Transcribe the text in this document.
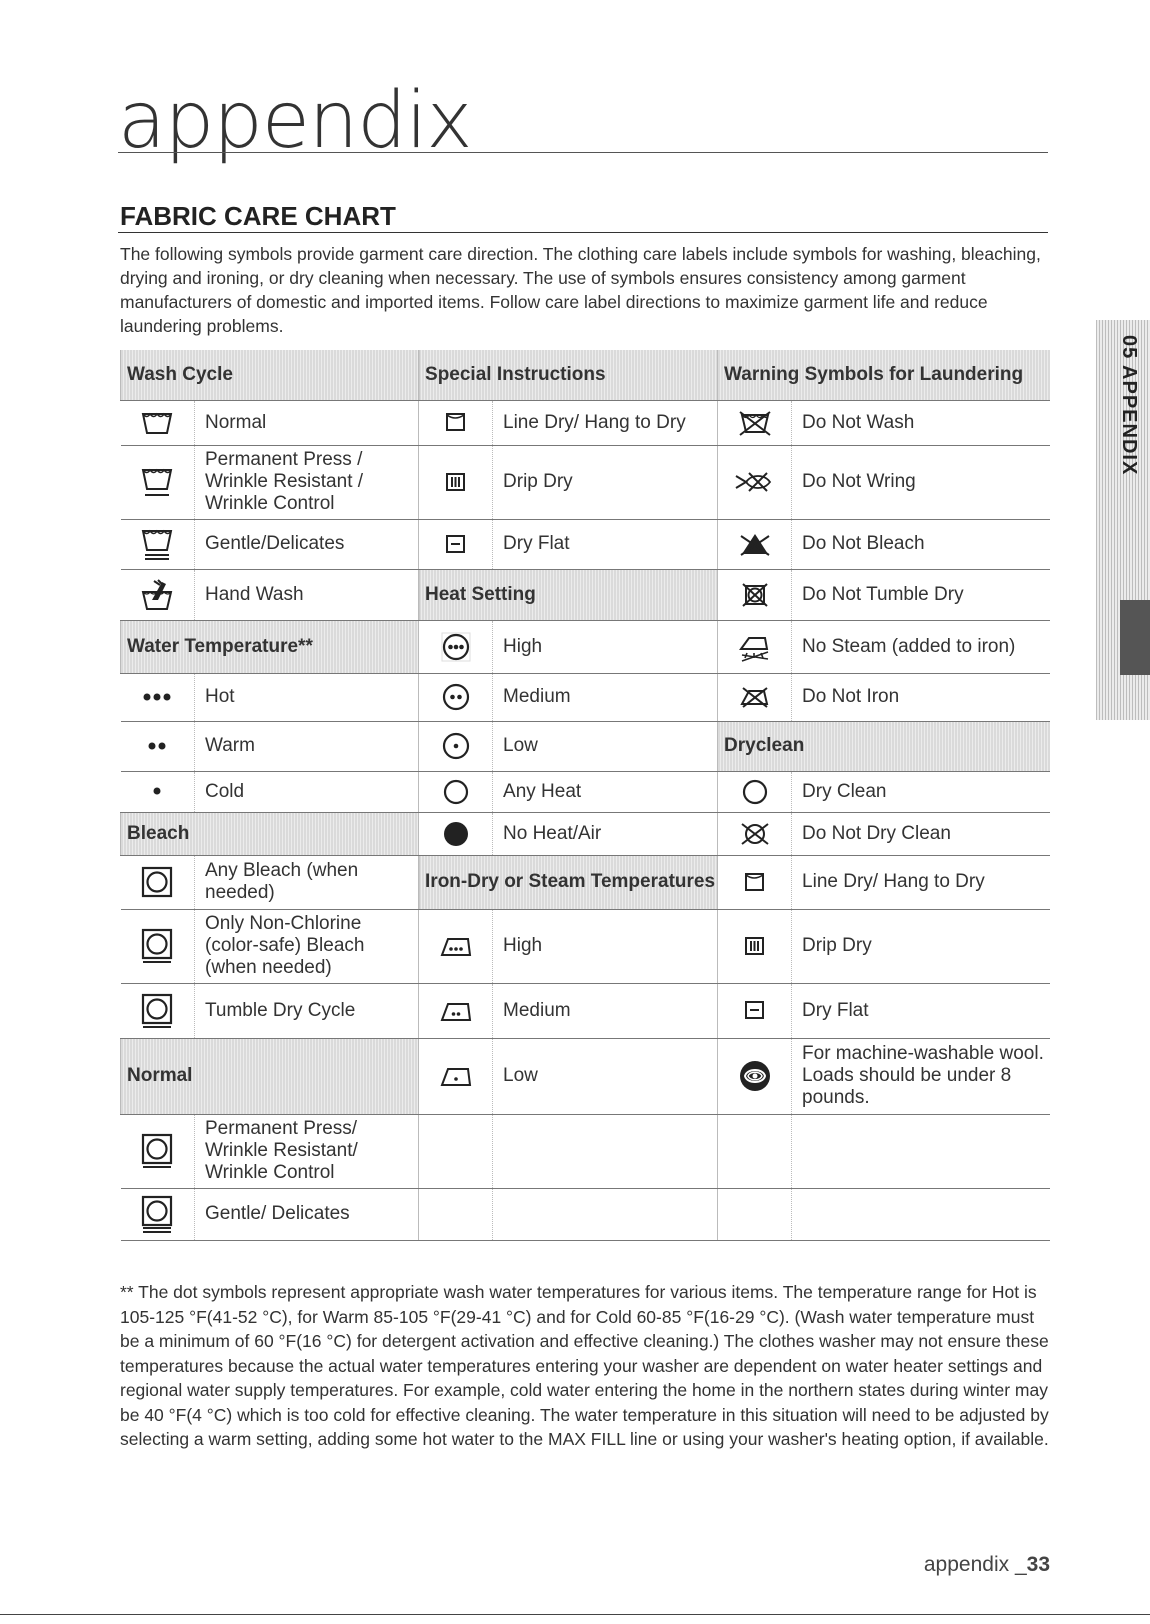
appendix
FABRIC CARE CHART
The following symbols provide garment care direction. The clothing care labels include symbols for washing, bleaching, drying and ironing, or dry cleaning when necessary. The use of symbols ensures consistency among garment manufacturers of domestic and imported items. Follow care label directions to maximize garment life and reduce laundering problems.
05 APPENDIX
Wash Cycle		Special Instructions		Warning Symbols for Laundering	
	Normal		Line Dry/ Hang to Dry		Do Not Wash
	Permanent Press / Wrinkle Resistant / Wrinkle Control		Drip Dry		Do Not Wring
	Gentle/Delicates		Dry Flat		Do Not Bleach
	Hand Wash	Heat Setting			Do Not Tumble Dry
Water Temperature**			High		No Steam (added to iron)
	Hot		Medium		Do Not Iron
	Warm		Low	Dryclean	
	Cold		Any Heat		Dry Clean
Bleach			No Heat/Air		Do Not Dry Clean
	Any Bleach (when needed)	Iron-Dry or Steam Temperatures			Line Dry/ Hang to Dry
	Only Non-Chlorine (color-safe) Bleach (when needed)		High		Drip Dry
	Tumble Dry Cycle		Medium		Dry Flat
Normal			Low		For machine-washable wool. Loads should be under 8 pounds.
	Permanent Press/ Wrinkle Resistant/ Wrinkle Control				
	Gentle/ Delicates				
** The dot symbols represent appropriate wash water temperatures for various items. The temperature range for Hot is 105-125 °F(41-52 °C), for Warm 85-105 °F(29-41 °C) and for Cold 60-85 °F(16-29 °C). (Wash water temperature must be a minimum of 60 °F(16 °C) for detergent activation and effective cleaning.) The clothes washer may not ensure these temperatures because the actual water temperatures entering your washer are dependent on water heater settings and regional water supply temperatures. For example, cold water entering the home in the northern states during winter may be 40 °F(4 °C) which is too cold for effective cleaning. The water temperature in this situation will need to be adjusted by selecting a warm setting, adding some hot water to the MAX FILL line or using your washer's heating option, if available.
appendix _33
